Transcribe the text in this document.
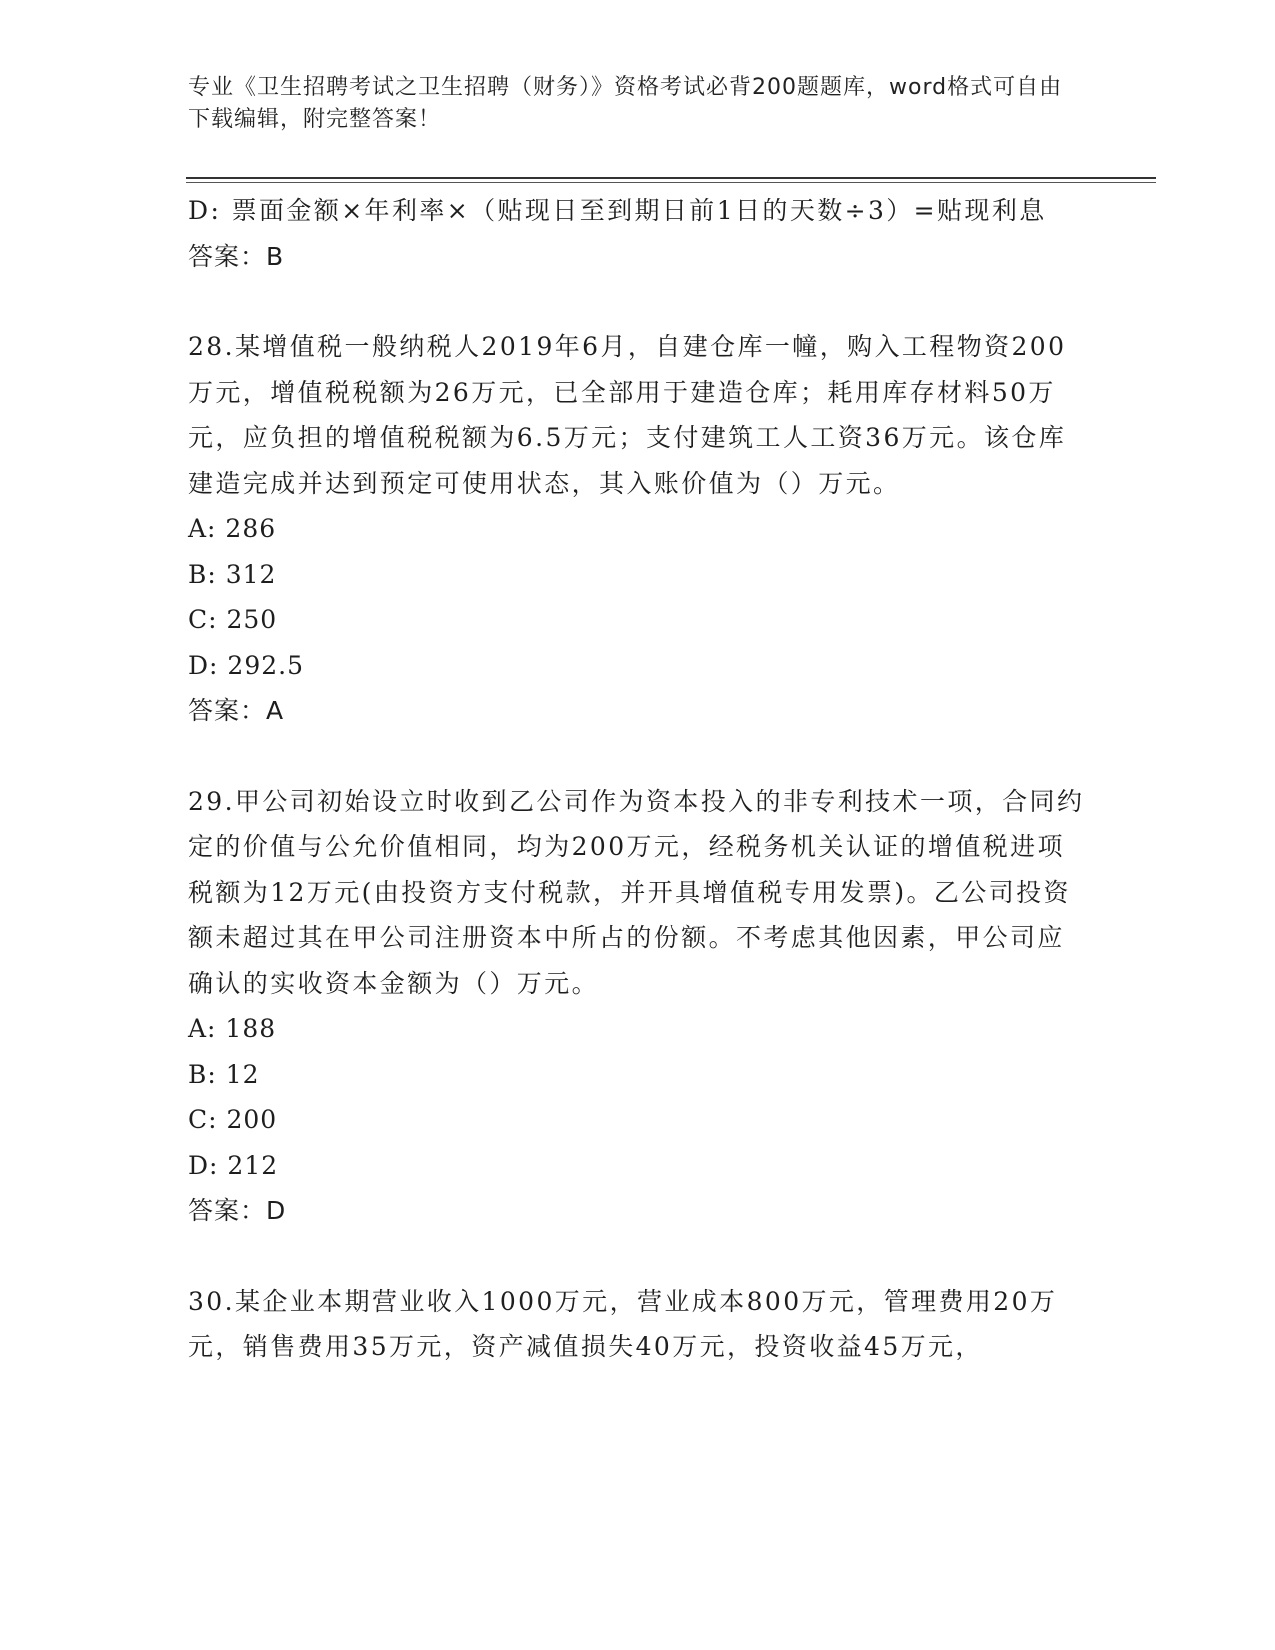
专业《卫生招聘考试之卫生招聘（财务）》资格考试必背200题题库，word格式可自由下载编辑，附完整答案！

D: 票面金额×年利率×（贴现日至到期日前1日的天数÷3）=贴现利息

答案：B

28.某增值税一般纳税人2019年6月，自建仓库一幢，购入工程物资200万元，增值税税额为26万元，已全部用于建造仓库；耗用库存材料50万元，应负担的增值税税额为6.5万元；支付建筑工人工资36万元。该仓库建造完成并达到预定可使用状态，其入账价值为（）万元。

A: 286

B: 312

C: 250

D: 292.5

答案：A

29.甲公司初始设立时收到乙公司作为资本投入的非专利技术一项，合同约定的价值与公允价值相同，均为200万元，经税务机关认证的增值税进项税额为12万元(由投资方支付税款，并开具增值税专用发票)。乙公司投资额未超过其在甲公司注册资本中所占的份额。不考虑其他因素，甲公司应确认的实收资本金额为（）万元。

A: 188

B: 12

C: 200

D: 212

答案：D

30.某企业本期营业收入1000万元，营业成本800万元，管理费用20万元，销售费用35万元，资产减值损失40万元，投资收益45万元，
